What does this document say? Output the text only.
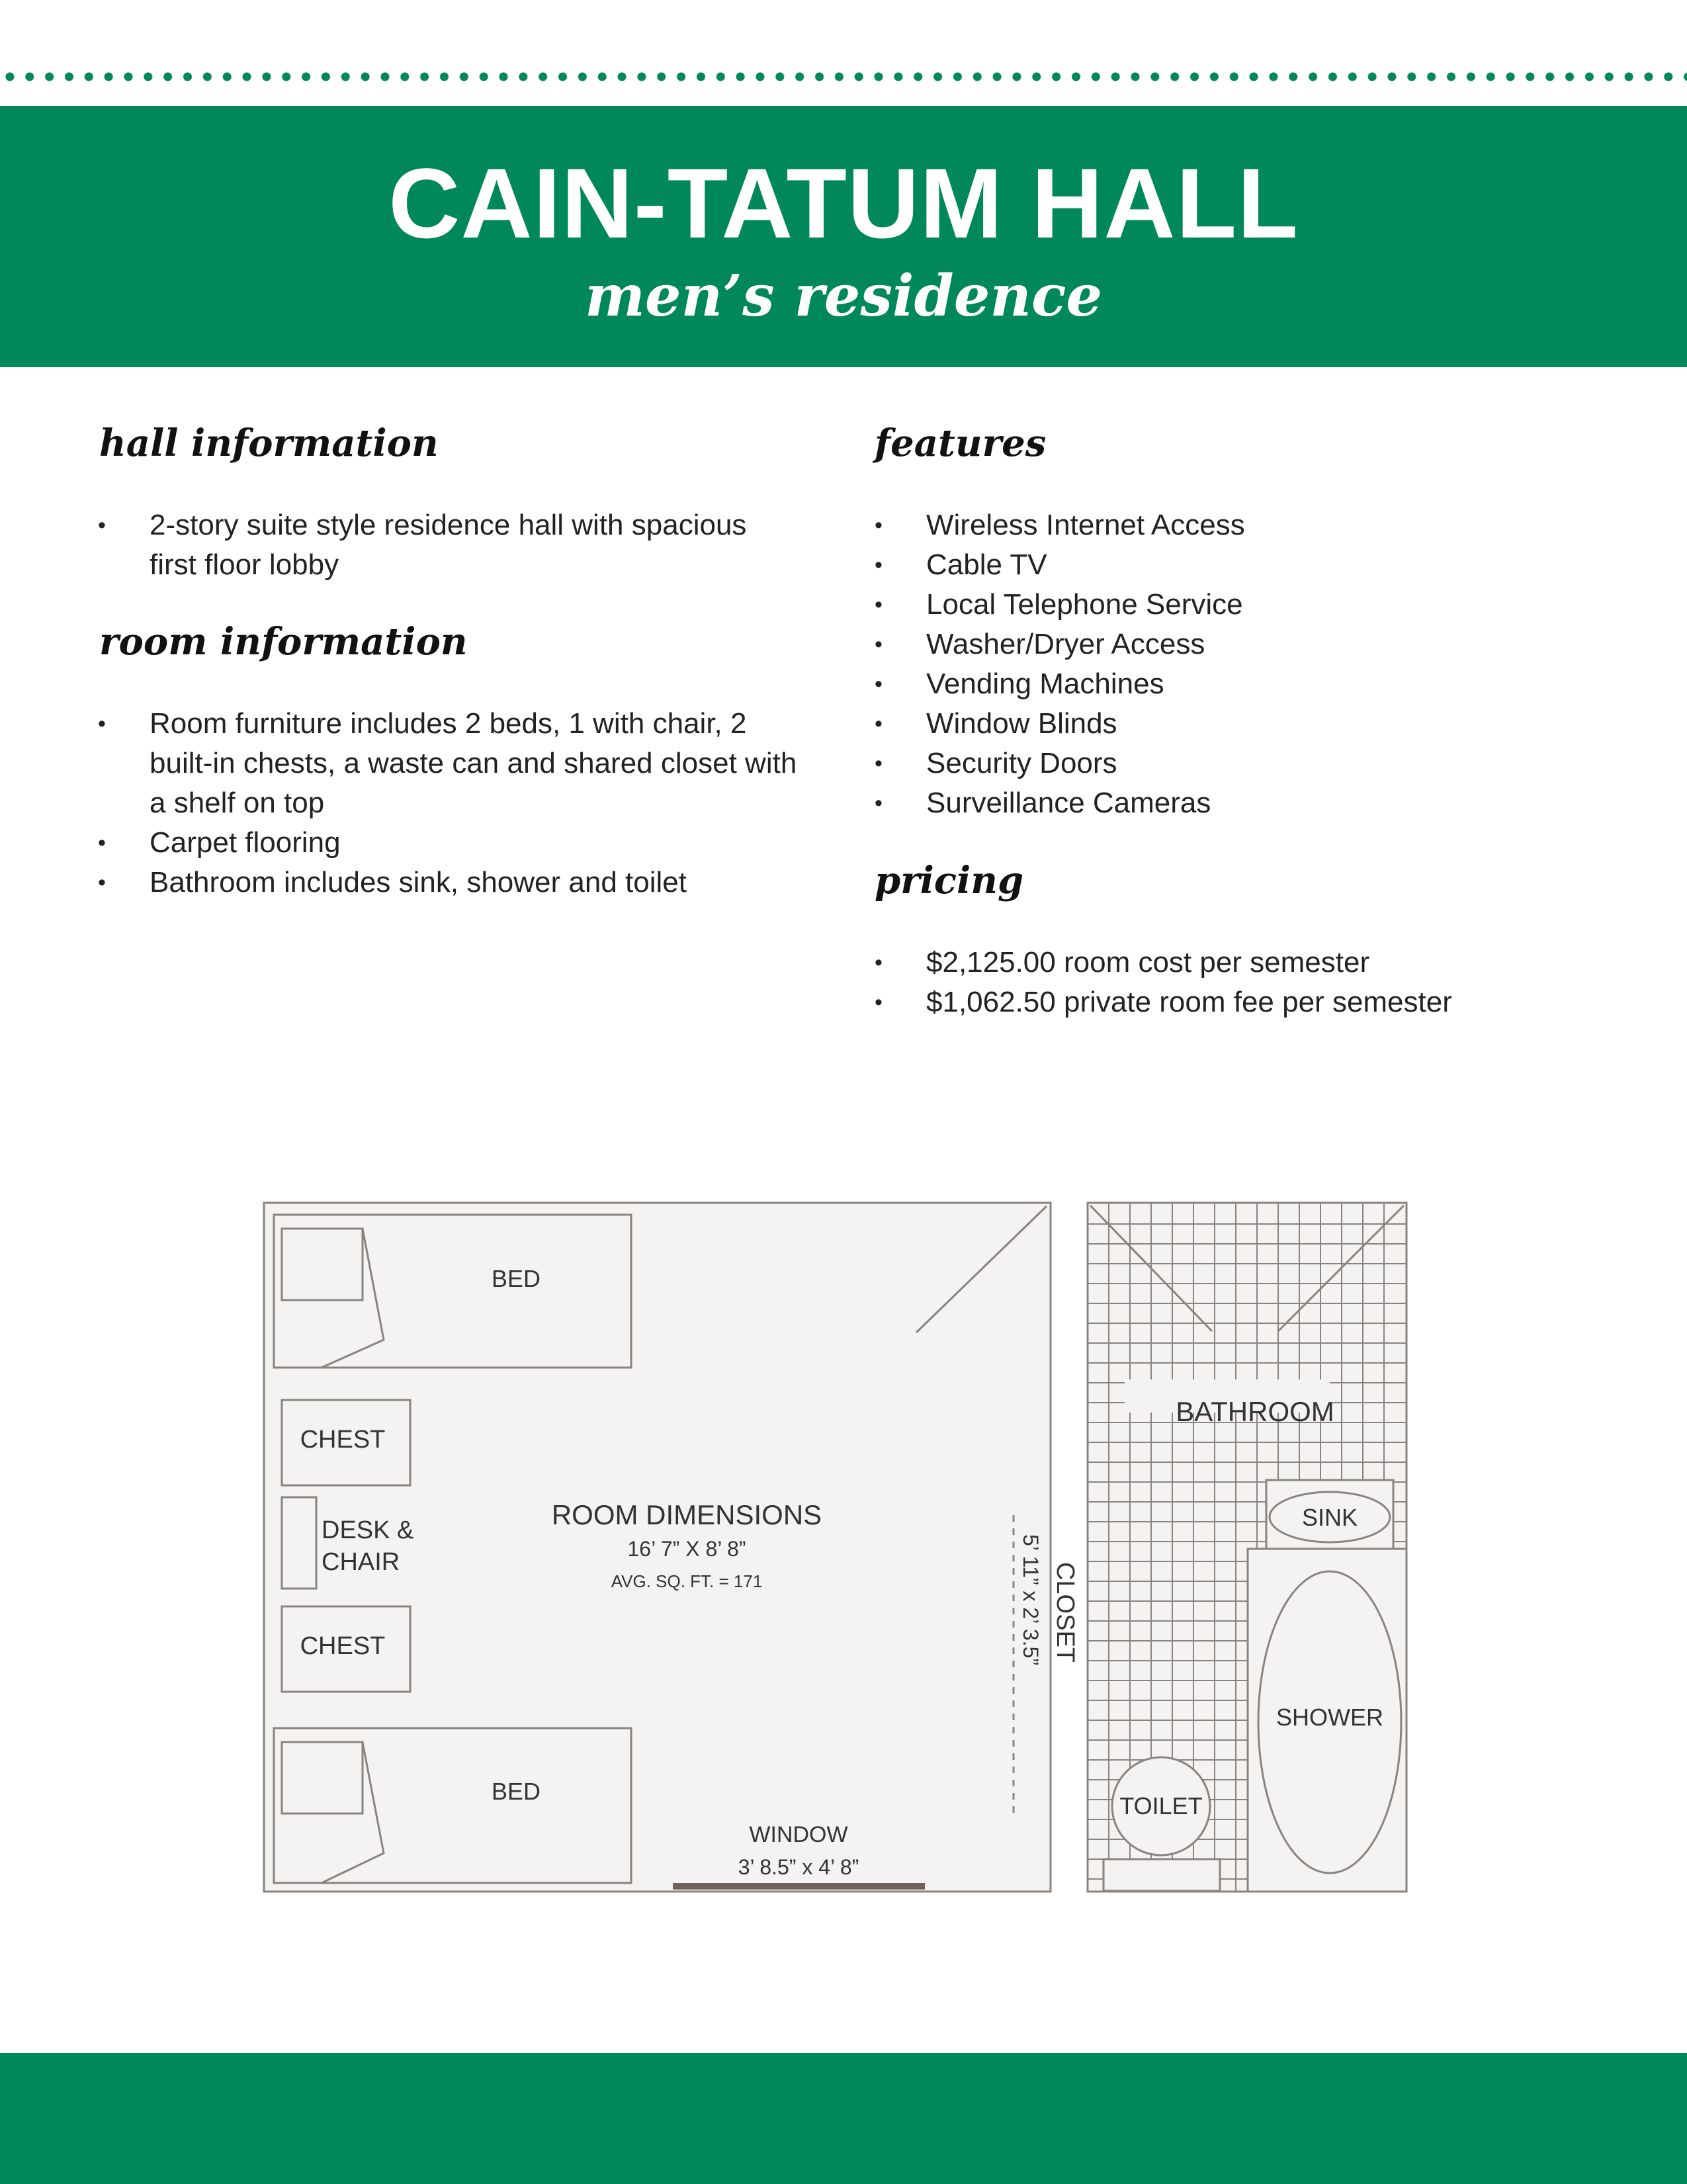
CAIN-TATUM HALL
men’s residence
hall information
• 2-story suite style residence hall with spacious first floor lobby
room information
• Room furniture includes 2 beds, 1 with chair, 2 built-in chests, a waste can and shared closet with a shelf on top
• Carpet flooring
• Bathroom includes sink, shower and toilet
features
• Wireless Internet Access
• Cable TV
• Local Telephone Service
• Washer/Dryer Access
• Vending Machines
• Window Blinds
• Security Doors
• Surveillance Cameras
pricing
• $2,125.00 room cost per semester
• $1,062.50 private room fee per semester
BED
CHEST
DESK &
CHAIR
CHEST
BED
ROOM DIMENSIONS
16’ 7” X 8’ 8”
AVG. SQ. FT. = 171
WINDOW
3’ 8.5” x 4’ 8”
CLOSET
5’ 11” x 2’ 3.5”
BATHROOM
SINK
SHOWER
TOILET
